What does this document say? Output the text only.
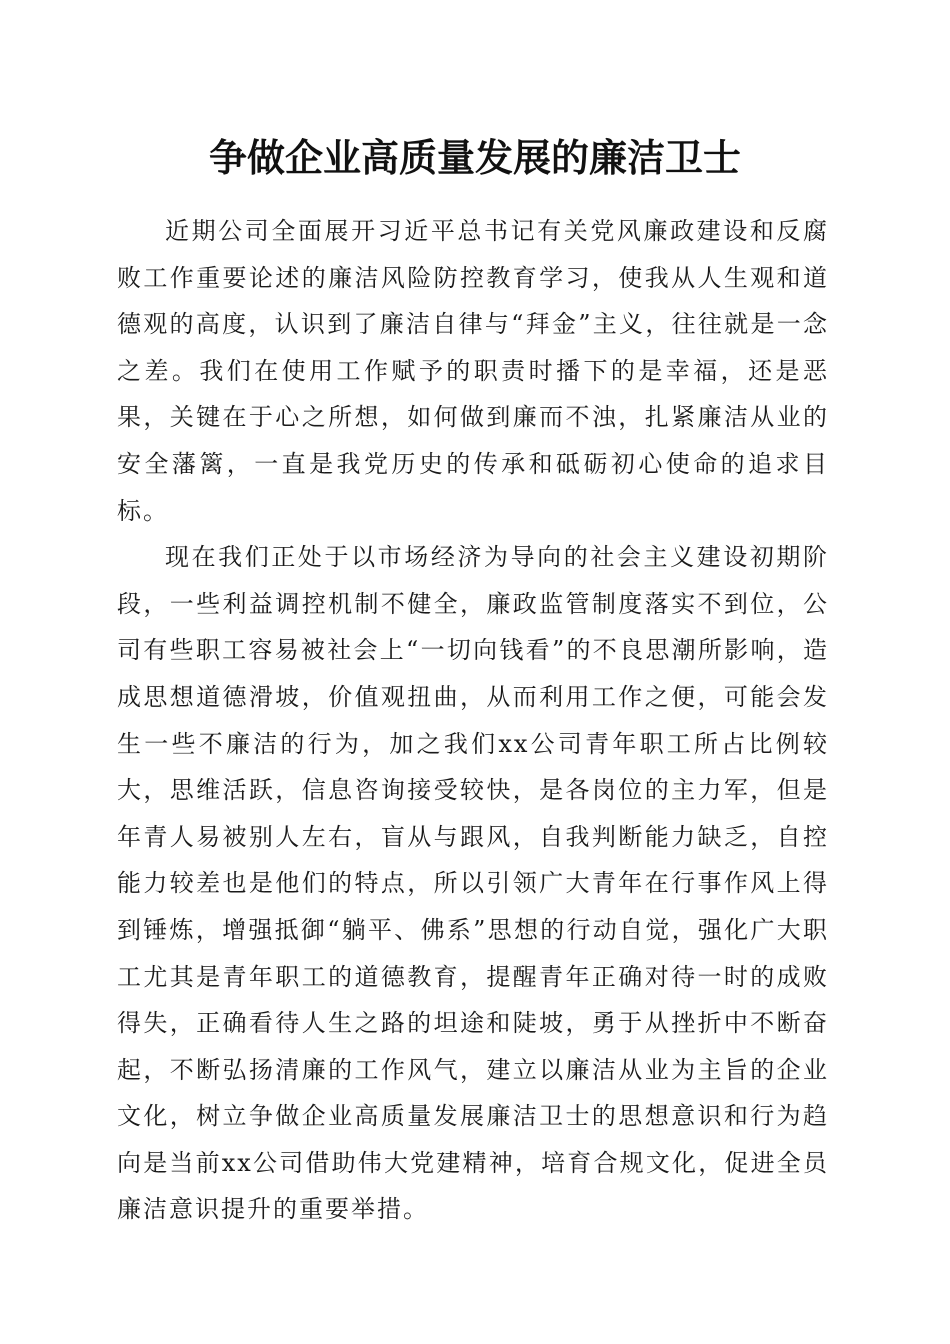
争做企业高质量发展的廉洁卫士

近期公司全面展开习近平总书记有关党风廉政建设和反腐败工作重要论述的廉洁风险防控教育学习，使我从人生观和道德观的高度，认识到了廉洁自律与“拜金”主义，往往就是一念之差。我们在使用工作赋予的职责时播下的是幸福，还是恶果，关键在于心之所想，如何做到廉而不浊，扎紧廉洁从业的安全藩篱，一直是我党历史的传承和砥砺初心使命的追求目标。

现在我们正处于以市场经济为导向的社会主义建设初期阶段，一些利益调控机制不健全，廉政监管制度落实不到位，公司有些职工容易被社会上“一切向钱看”的不良思潮所影响，造成思想道德滑坡，价值观扭曲，从而利用工作之便，可能会发生一些不廉洁的行为，加之我们xx公司青年职工所占比例较大，思维活跃，信息咨询接受较快，是各岗位的主力军，但是年青人易被别人左右，盲从与跟风，自我判断能力缺乏，自控能力较差也是他们的特点，所以引领广大青年在行事作风上得到锤炼，增强抵御“躺平、佛系”思想的行动自觉，强化广大职工尤其是青年职工的道德教育，提醒青年正确对待一时的成败得失，正确看待人生之路的坦途和陡坡，勇于从挫折中不断奋起，不断弘扬清廉的工作风气，建立以廉洁从业为主旨的企业文化，树立争做企业高质量发展廉洁卫士的思想意识和行为趋向是当前xx公司借助伟大党建精神，培育合规文化，促进全员廉洁意识提升的重要举措。
